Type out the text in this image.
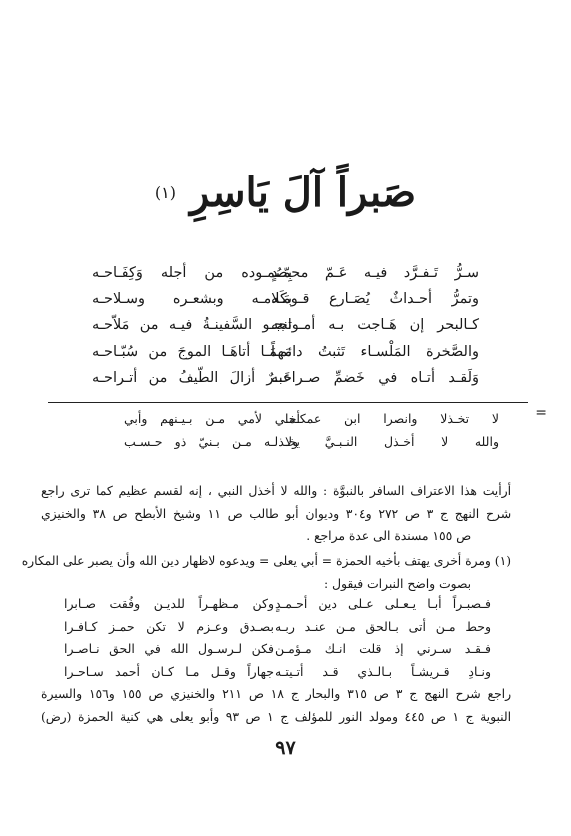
صَبراً آلَ يَاسِرِ $^{(١)}$
سـرُّ تَـفـرَّد فيـه عَـمّ محمّـدٍ
وتمرُّ أحـداثٌ يُصَـارع قـومَـه
كـالبحر إن هَـاجت بـه أمـواجه
والصَّخرة المَلْسـاء تَثبتُ دائمـاً
وَلَقـد أتـاه في خَضمِّ صـراعـه
بِصُمـوده من أجله وَكِفَـاحـه
بكَلامـه وبشعـره وسـلاحـه
تنجـو السَّفينـةُ فيـه من مَلاّحـه
مَهمَـا أتاهَـا الموجَ من سُبّـاحـه
خَبـرٌ أزالَ الطّيفُ من أتـراحـه
=
لا تخـذلا وانصرا ابن عمكـما
والله لا أخـذل النـبـيَّ ولا
أخـي لأمي مـن بـيـنهم وأبي
يخـذلـه مـن بـنيّ ذو حـسـب
أرأيت هذا الاعتراف السافر بالنبوَّة : والله لا أخذل النبي ، إنه لقسم عظيم كما ترى راجع
شرح النهج ج ٣ ص ٢٧٢ و٣٠٤ وديوان أبو طالب ص ١١ وشيخ الأبطح ص ٣٨ والخنيزي
ص ١٥٥ مسندة الى عدة مراجع .
(١) ومرة أخرى يهتف بأخيه الحمزة = أبي يعلى = ويدعوه لاظهار دين الله وأن يصبر على المكاره
بصوت واضح النبرات فيقول :
فـصبـراً أبـا يـعـلى عـلى دين أحـمـدٍ
وحط مـن أتى بـالحق مـن عنـد ربـه
فـقـد سـرني إذ قلت انـك مـؤمـن
ونـادِ قـريشـاً بـالـذي قـد أتـيتـه
وكن مـظهـراً للديـن وفُقت صـابرا
بصـدق وعـزم لا تكن حمـز كـافـرا
فكن لـرسـول الله في الحق نـاصـرا
جهاراً وقـل مـا كـان أحمد سـاحـرا
راجع شرح النهج ج ٣ ص ٣١٥ والبحار ج ١٨ ص ٢١١ والخنيزي ص ١٥٥ و١٥٦ والسيرة
النبوية ج ١ ص ٤٤٥ ومولد النور للمؤلف ج ١ ص ٩٣ وأبو يعلى هي كنية الحمزة (رض)
٩٧
